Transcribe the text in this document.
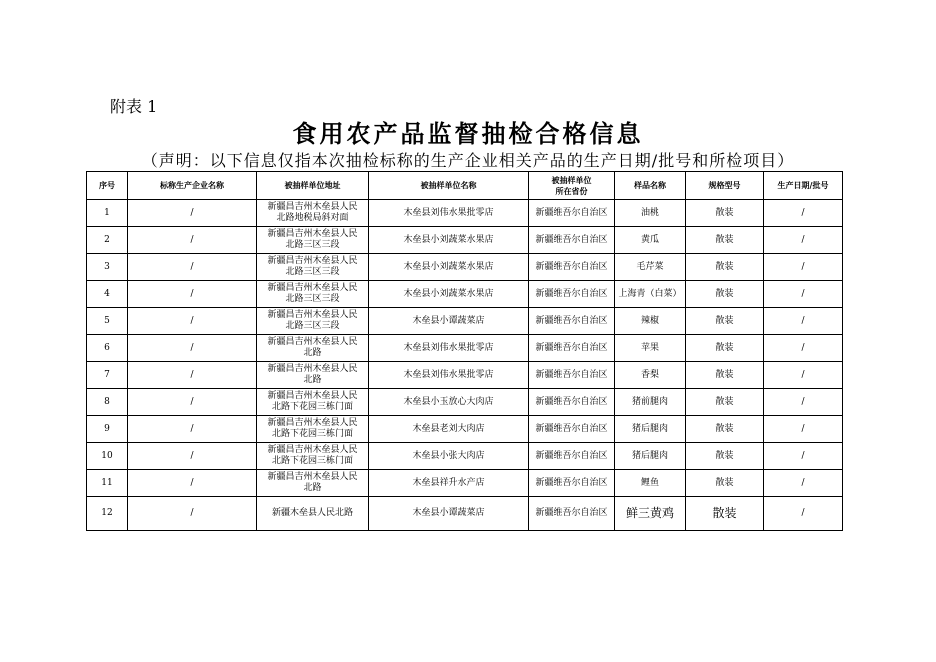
附表 1
食用农产品监督抽检合格信息
（声明：以下信息仅指本次抽检标称的生产企业相关产品的生产日期/批号和所检项目）
序号	标称生产企业名称	被抽样单位地址	被抽样单位名称	被抽样单位
所在省份	样品名称	规格型号	生产日期/批号
1	/	新疆昌吉州木垒县人民
北路地税局斜对面	木垒县刘伟水果批零店	新疆维吾尔自治区	油桃	散装	/
2	/	新疆昌吉州木垒县人民
北路三区三段	木垒县小刘蔬菜水果店	新疆维吾尔自治区	黄瓜	散装	/
3	/	新疆昌吉州木垒县人民
北路三区三段	木垒县小刘蔬菜水果店	新疆维吾尔自治区	毛芹菜	散装	/
4	/	新疆昌吉州木垒县人民
北路三区三段	木垒县小刘蔬菜水果店	新疆维吾尔自治区	上海青（白菜）	散装	/
5	/	新疆昌吉州木垒县人民
北路三区三段	木垒县小谭蔬菜店	新疆维吾尔自治区	辣椒	散装	/
6	/	新疆昌吉州木垒县人民
北路	木垒县刘伟水果批零店	新疆维吾尔自治区	苹果	散装	/
7	/	新疆昌吉州木垒县人民
北路	木垒县刘伟水果批零店	新疆维吾尔自治区	香梨	散装	/
8	/	新疆昌吉州木垒县人民
北路下花园三栋门面	木垒县小玉放心大肉店	新疆维吾尔自治区	猪前腿肉	散装	/
9	/	新疆昌吉州木垒县人民
北路下花园三栋门面	木垒县老刘大肉店	新疆维吾尔自治区	猪后腿肉	散装	/
10	/	新疆昌吉州木垒县人民
北路下花园三栋门面	木垒县小张大肉店	新疆维吾尔自治区	猪后腿肉	散装	/
11	/	新疆昌吉州木垒县人民
北路	木垒县祥升水产店	新疆维吾尔自治区	鲤鱼	散装	/
12	/	新疆木垒县人民北路	木垒县小谭蔬菜店	新疆维吾尔自治区	鲜三黄鸡	散装	/
